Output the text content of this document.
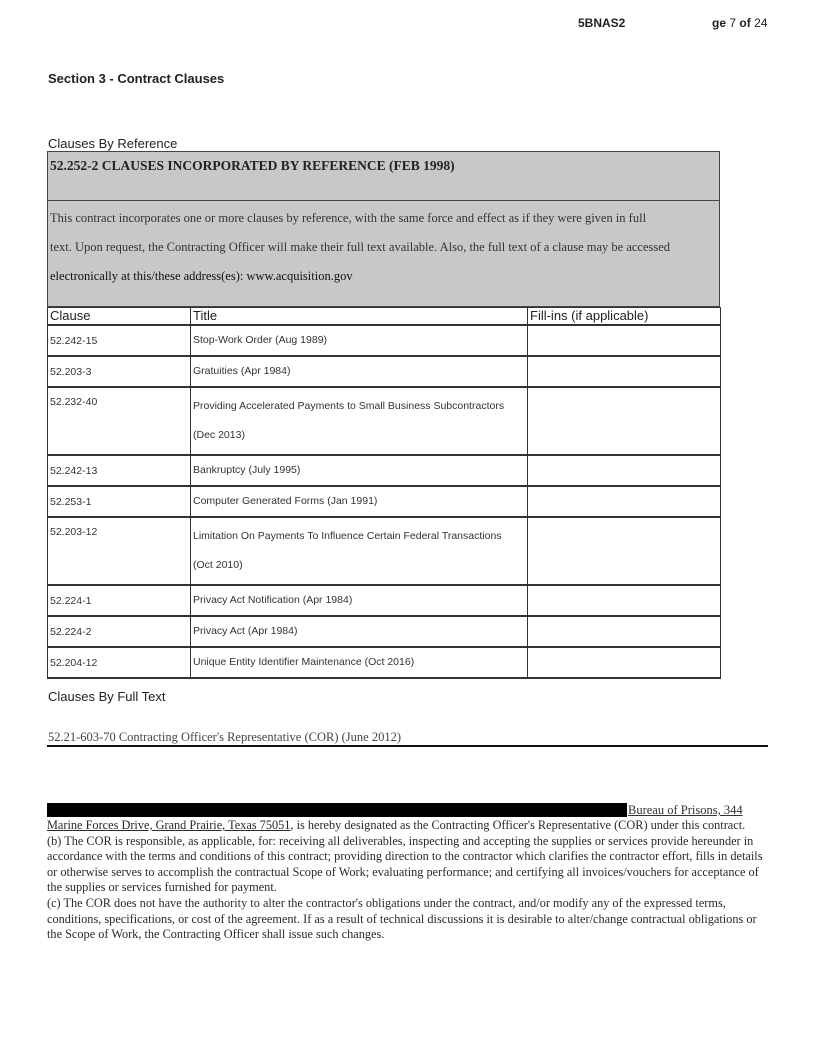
5BNAS2	ge 7 of 24
Section 3 - Contract Clauses
Clauses By Reference
52.252-2 CLAUSES INCORPORATED BY REFERENCE (FEB 1998)
This contract incorporates one or more clauses by reference, with the same force and effect as if they were given in full
text. Upon request, the Contracting Officer will make their full text available. Also, the full text of a clause may be accessed
electronically at this/these address(es): www.acquisition.gov
Clause	Title	Fill-ins (if applicable)
52.242-15	Stop-Work Order (Aug 1989)	

52.203-3	Gratuities (Apr 1984)	

52.232-40	Providing Accelerated Payments to Small Business Subcontractors
(Dec 2013)	

52.242-13	Bankruptcy (July 1995)	

52.253-1	Computer Generated Forms (Jan 1991)	

52.203-12	Limitation On Payments To Influence Certain Federal Transactions
(Oct 2010)	

52.224-1	Privacy Act Notification (Apr 1984)	

52.224-2	Privacy Act (Apr 1984)	

52.204-12	Unique Entity Identifier Maintenance (Oct 2016)	

Clauses By Full Text
52.21-603-70 Contracting Officer's Representative (COR) (June 2012)
Bureau of Prisons, 344

Marine Forces Drive, Grand Prairie, Texas 75051, is hereby designated as the Contracting Officer's Representative (COR) under this contract.

(b) The COR is responsible, as applicable, for: receiving all deliverables, inspecting and accepting the supplies or services provide hereunder in accordance with the terms and conditions of this contract; providing direction to the contractor which clarifies the contractor effort, fills in details or otherwise serves to accomplish the contractual Scope of Work; evaluating performance; and certifying all invoices/vouchers for acceptance of the supplies or services furnished for payment.

(c) The COR does not have the authority to alter the contractor's obligations under the contract, and/or modify any of the expressed terms, conditions, specifications, or cost of the agreement. If as a result of technical discussions it is desirable to alter/change contractual obligations or the Scope of Work, the Contracting Officer shall issue such changes.
